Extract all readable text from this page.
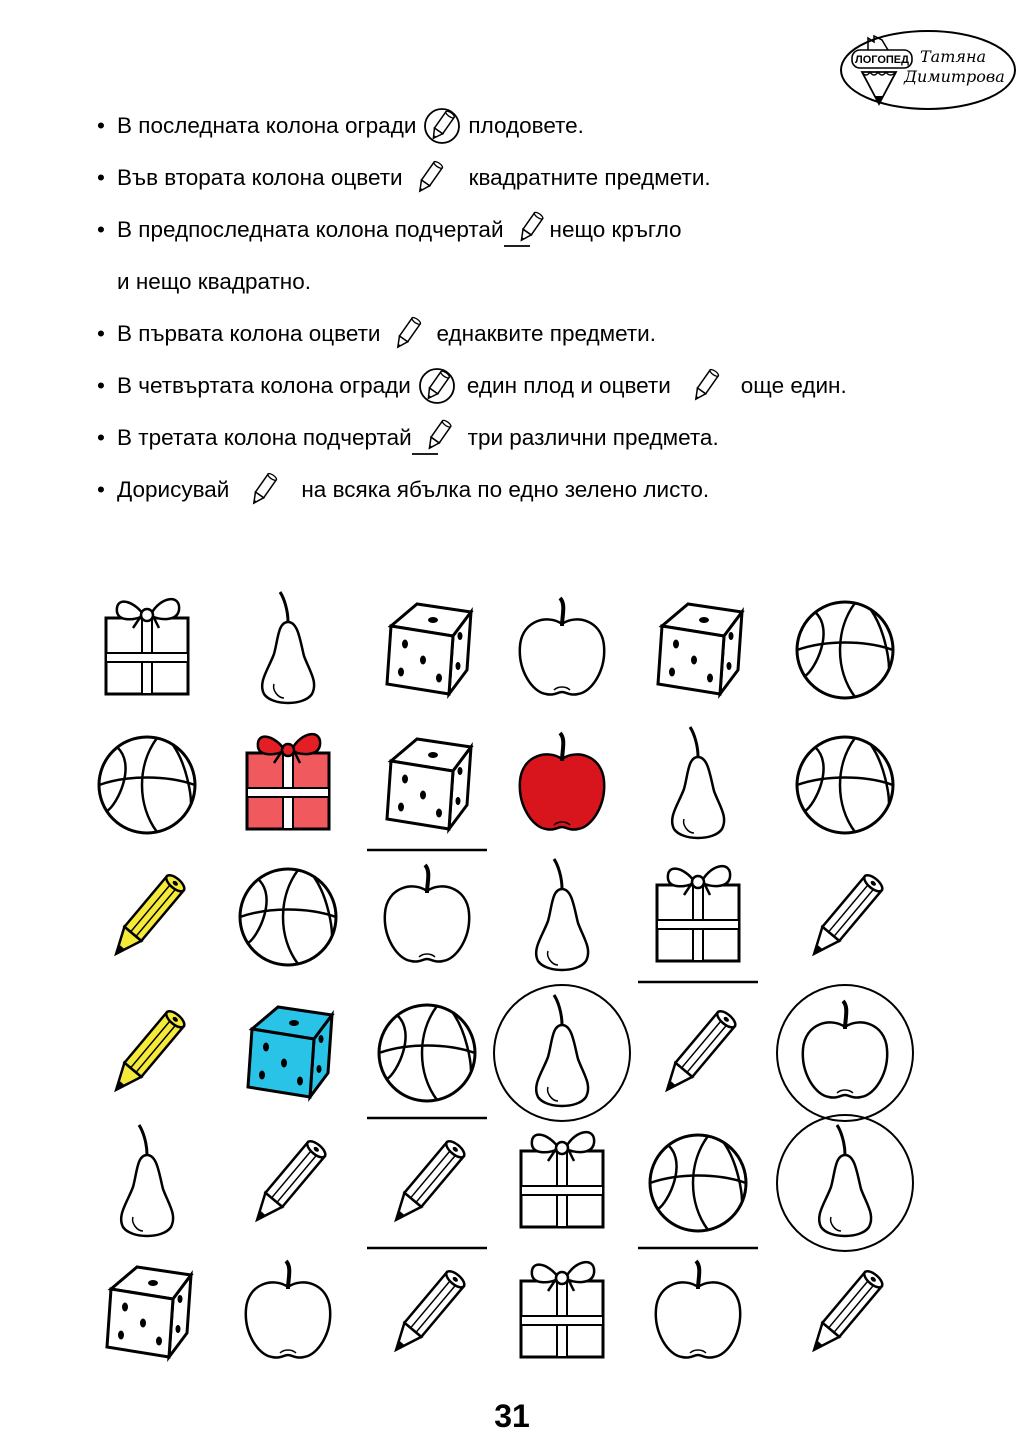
ЛОГОПЕД Татяна
Димитрова
• В последната колона огради плодовете.
• Във втората колона оцвети	квадратните предмети.
• В предпоследната колона подчертай нещо кръгло
и нещо квадратно.
• В първата колона оцвети еднаквите предмети.
• В четвъртата колона огради един плод и оцвети	още един.
• В третата колона подчертай три различни предмета.
• Дорисувай	на всяка ябълка по едно зелено листо.
31
